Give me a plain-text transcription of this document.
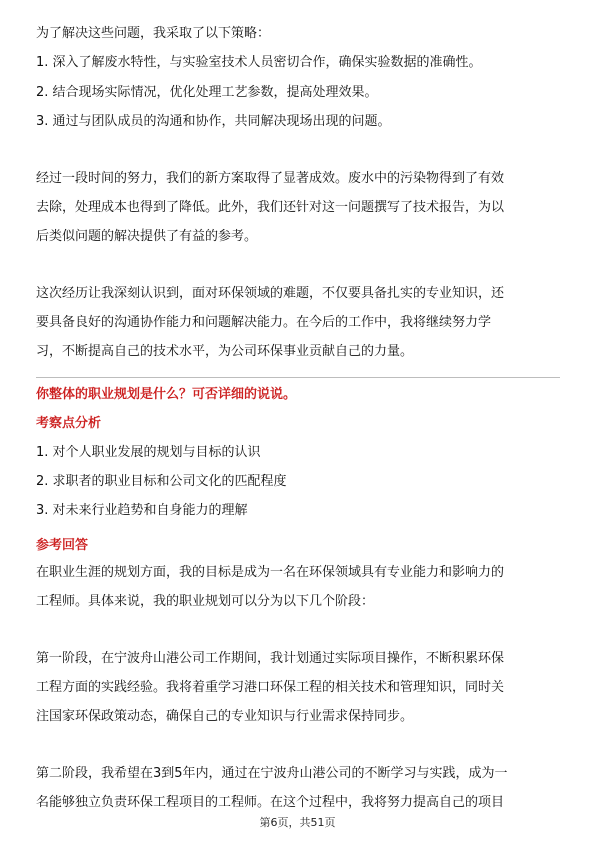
为了解决这些问题，我采取了以下策略：
1. 深入了解废水特性，与实验室技术人员密切合作，确保实验数据的准确性。
2. 结合现场实际情况，优化处理工艺参数，提高处理效果。
3. 通过与团队成员的沟通和协作，共同解决现场出现的问题。
经过一段时间的努力，我们的新方案取得了显著成效。废水中的污染物得到了有效
去除，处理成本也得到了降低。此外，我们还针对这一问题撰写了技术报告，为以
后类似问题的解决提供了有益的参考。
这次经历让我深刻认识到，面对环保领域的难题，不仅要具备扎实的专业知识，还
要具备良好的沟通协作能力和问题解决能力。在今后的工作中，我将继续努力学
习，不断提高自己的技术水平，为公司环保事业贡献自己的力量。
你整体的职业规划是什么？可否详细的说说。
考察点分析
1. 对个人职业发展的规划与目标的认识
2. 求职者的职业目标和公司文化的匹配程度
3. 对未来行业趋势和自身能力的理解
参考回答
在职业生涯的规划方面，我的目标是成为一名在环保领域具有专业能力和影响力的
工程师。具体来说，我的职业规划可以分为以下几个阶段：
第一阶段，在宁波舟山港公司工作期间，我计划通过实际项目操作，不断积累环保
工程方面的实践经验。我将着重学习港口环保工程的相关技术和管理知识，同时关
注国家环保政策动态，确保自己的专业知识与行业需求保持同步。
第二阶段，我希望在3到5年内，通过在宁波舟山港公司的不断学习与实践，成为一
名能够独立负责环保工程项目的工程师。在这个过程中，我将努力提高自己的项目
第6页，共51页
